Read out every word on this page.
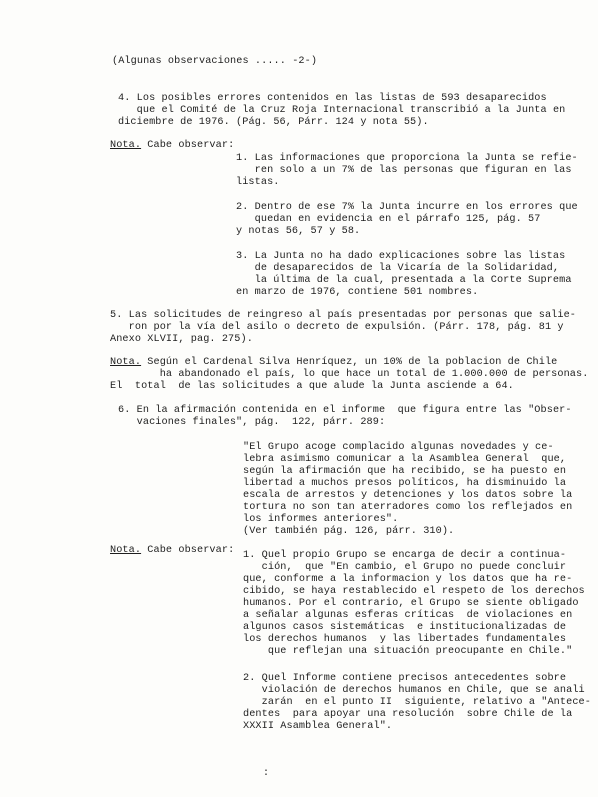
(Algunas observaciones ..... -2-)
4. Los posibles errores contenidos en las listas de 593 desaparecidos
que el Comité de la Cruz Roja Internacional transcribió a la Junta en
diciembre de 1976. (Pág. 56, Párr. 124 y nota 55).
Nota. Cabe observar:
1. Las informaciones que proporciona la Junta se refie-
ren solo a un 7% de las personas que figuran en las
listas.
2. Dentro de ese 7% la Junta incurre en los errores que
quedan en evidencia en el párrafo 125, pág. 57
y notas 56, 57 y 58.
3. La Junta no ha dado explicaciones sobre las listas
de desaparecidos de la Vicaría de la Solidaridad,
la última de la cual, presentada a la Corte Suprema
en marzo de 1976, contiene 501 nombres.
5. Las solicitudes de reingreso al país presentadas por personas que salie-
ron por la vía del asilo o decreto de expulsión. (Párr. 178, pág. 81 y
Anexo XLVII, pag. 275).
Nota. Según el Cardenal Silva Henríquez, un 10% de la poblacion de Chile
ha abandonado el país, lo que hace un total de 1.000.000 de personas.
El  total  de las solicitudes a que alude la Junta asciende a 64.
6. En la afirmación contenida en el informe  que figura entre las "Obser-
vaciones finales", pág.  122, párr. 289:
"El Grupo acoge complacido algunas novedades y ce-
lebra asimismo comunicar a la Asamblea General  que,
según la afirmación que ha recibido, se ha puesto en
libertad a muchos presos políticos, ha disminuido la
escala de arrestos y detenciones y los datos sobre la
tortura no son tan aterradores como los reflejados en
los informes anteriores".
(Ver también pág. 126, párr. 310).
Nota. Cabe observar: 1. Quel propio Grupo se encarga de decir a continua-
ción,  que "En cambio, el Grupo no puede concluir
que, conforme a la informacion y los datos que ha re-
cibido, se haya restablecido el respeto de los derechos
humanos. Por el contrario, el Grupo se siente obligado
a señalar algunas esferas críticas  de violaciones en
algunos casos sistemáticas  e institucionalizadas de
los derechos humanos  y las libertades fundamentales
que reflejan una situación preocupante en Chile."
2. Quel Informe contiene precisos antecedentes sobre
violación de derechos humanos en Chile, que se anali
zarán  en el punto II  siguiente, relativo a "Antece-
dentes  para apoyar una resolución  sobre Chile de la
XXXII Asamblea General".
:
